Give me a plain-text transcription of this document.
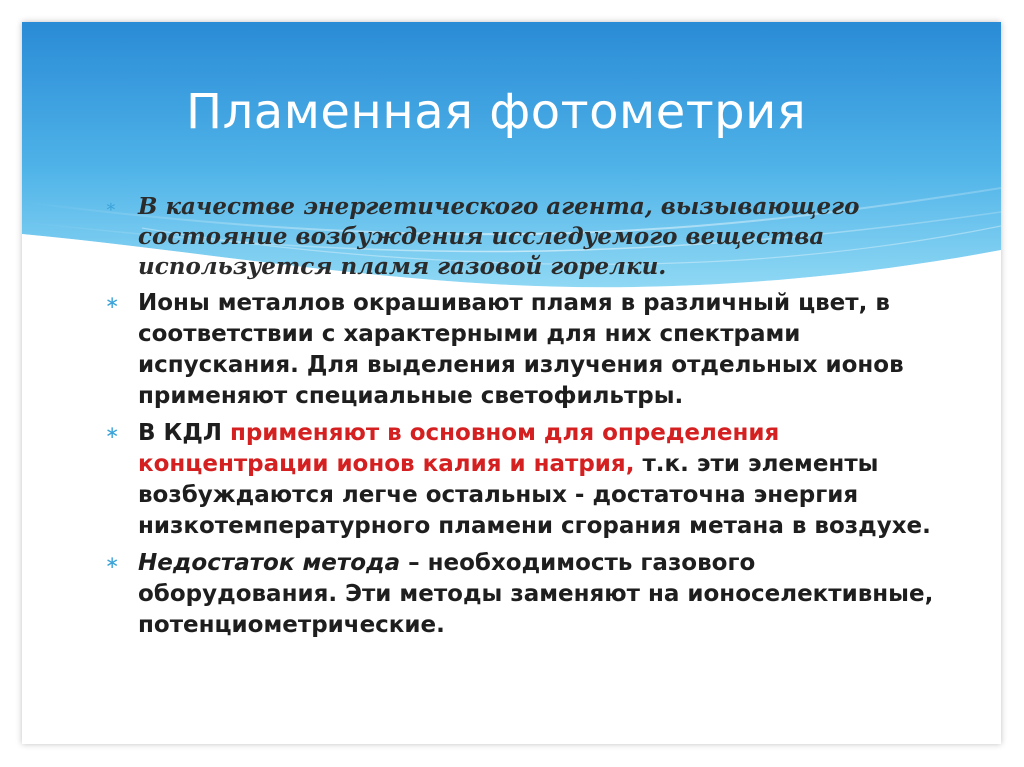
Пламенная фотометрия
∗ В качестве энергетического агента, вызывающего состояние возбуждения исследуемого вещества используется пламя газовой горелки.
∗ Ионы металлов окрашивают пламя в различный цвет, в соответствии с характерными для них спектрами испускания. Для выделения излучения отдельных ионов применяют специальные светофильтры.
∗ В КДЛ применяют в основном для определения концентрации ионов калия и натрия, т.к. эти элементы возбуждаются легче остальных - достаточна энергия низкотемпературного пламени сгорания метана в воздухе.
∗ Недостаток метода – необходимость газового оборудования. Эти методы заменяют на ионоселективные, потенциометрические.
